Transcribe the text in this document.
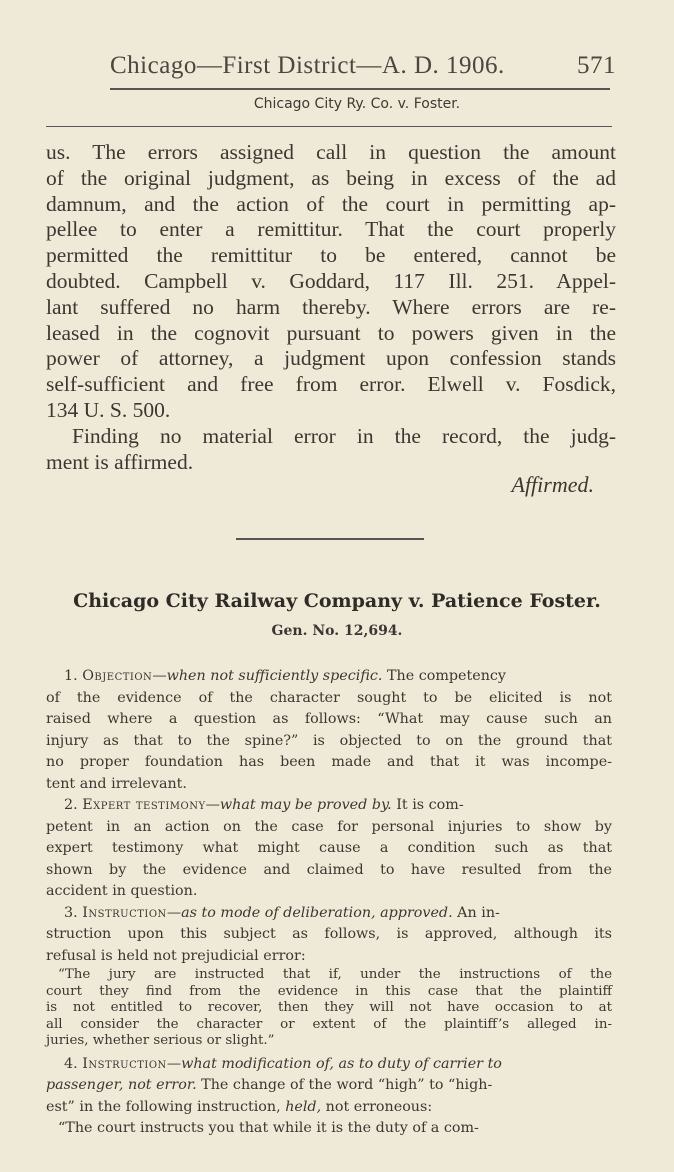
Chicago—First District—A. D. 1906.	571
Chicago City Ry. Co. v. Foster.
us. The errors assigned call in question the amount
of the original judgment, as being in excess of the ad
damnum, and the action of the court in permitting ap-
pellee to enter a remittitur. That the court properly
permitted the remittitur to be entered, cannot be
doubted. Campbell v. Goddard, 117 Ill. 251. Appel-
lant suffered no harm thereby. Where errors are re-
leased in the cognovit pursuant to powers given in the
power of attorney, a judgment upon confession stands
self-sufficient and free from error. Elwell v. Fosdick,
134 U. S. 500.
Finding no material error in the record, the judg-
ment is affirmed.
Affirmed.
Chicago City Railway Company v. Patience Foster.
Gen. No. 12,694.
1. Objection—when not sufficiently specific. The competency
of the evidence of the character sought to be elicited is not
raised where a question as follows: “What may cause such an
injury as that to the spine?” is objected to on the ground that
no proper foundation has been made and that it was incompe-
tent and irrelevant.
2. Expert testimony—what may be proved by. It is com-
petent in an action on the case for personal injuries to show by
expert testimony what might cause a condition such as that
shown by the evidence and claimed to have resulted from the
accident in question.
3. Instruction—as to mode of deliberation, approved. An in-
struction upon this subject as follows, is approved, although its
refusal is held not prejudicial error:
“The jury are instructed that if, under the instructions of the
court they find from the evidence in this case that the plaintiff
is not entitled to recover, then they will not have occasion to at
all consider the character or extent of the plaintiff’s alleged in-
juries, whether serious or slight.”
4. Instruction—what modification of, as to duty of carrier to
passenger, not error. The change of the word “high” to “high-
est” in the following instruction, held, not erroneous:
“The court instructs you that while it is the duty of a com-
